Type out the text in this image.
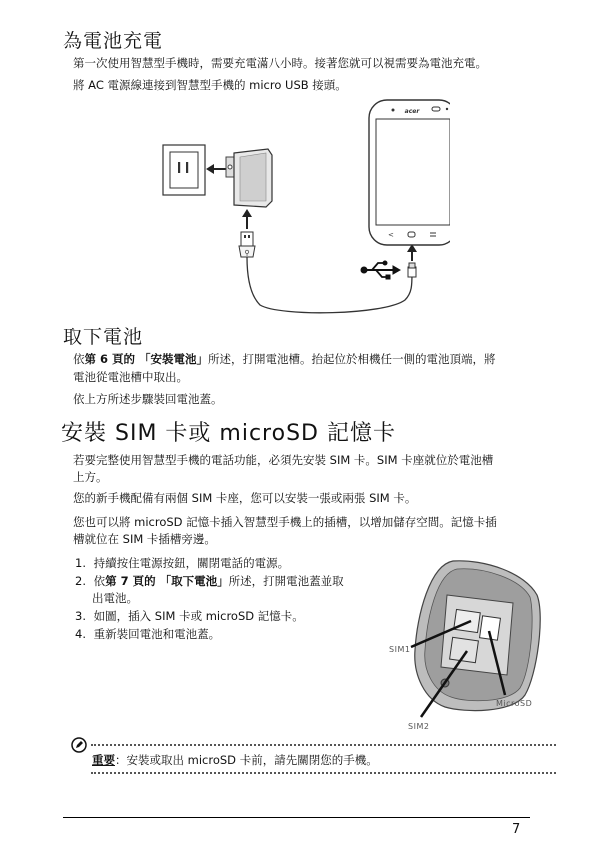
為電池充電
第一次使用智慧型手機時，需要充電滿八小時。接著您就可以視需要為電池充電。
將 AC 電源線連接到智慧型手機的 micro USB 接頭。
⚲
acer
<
取下電池
依第 6 頁的 「安裝電池」所述，打開電池槽。抬起位於相機任一側的電池頂端，將
電池從電池槽中取出。
依上方所述步驟裝回電池蓋。
安裝 SIM 卡或 microSD 記憶卡
若要完整使用智慧型手機的電話功能，必須先安裝 SIM 卡。SIM 卡座就位於電池槽
上方。
您的新手機配備有兩個 SIM 卡座，您可以安裝一張或兩張 SIM 卡。
您也可以將 microSD 記憶卡插入智慧型手機上的插槽，以增加儲存空間。記憶卡插
槽就位在 SIM 卡插槽旁邊。
1. 持續按住電源按鈕，關閉電話的電源。
2. 依第 7 頁的 「取下電池」所述，打開電池蓋並取
出電池。
3. 如圖，插入 SIM 卡或 microSD 記憶卡。
4. 重新裝回電池和電池蓋。
SIM1
MicroSD
SIM2
重要：安裝或取出 microSD 卡前，請先關閉您的手機。
7
